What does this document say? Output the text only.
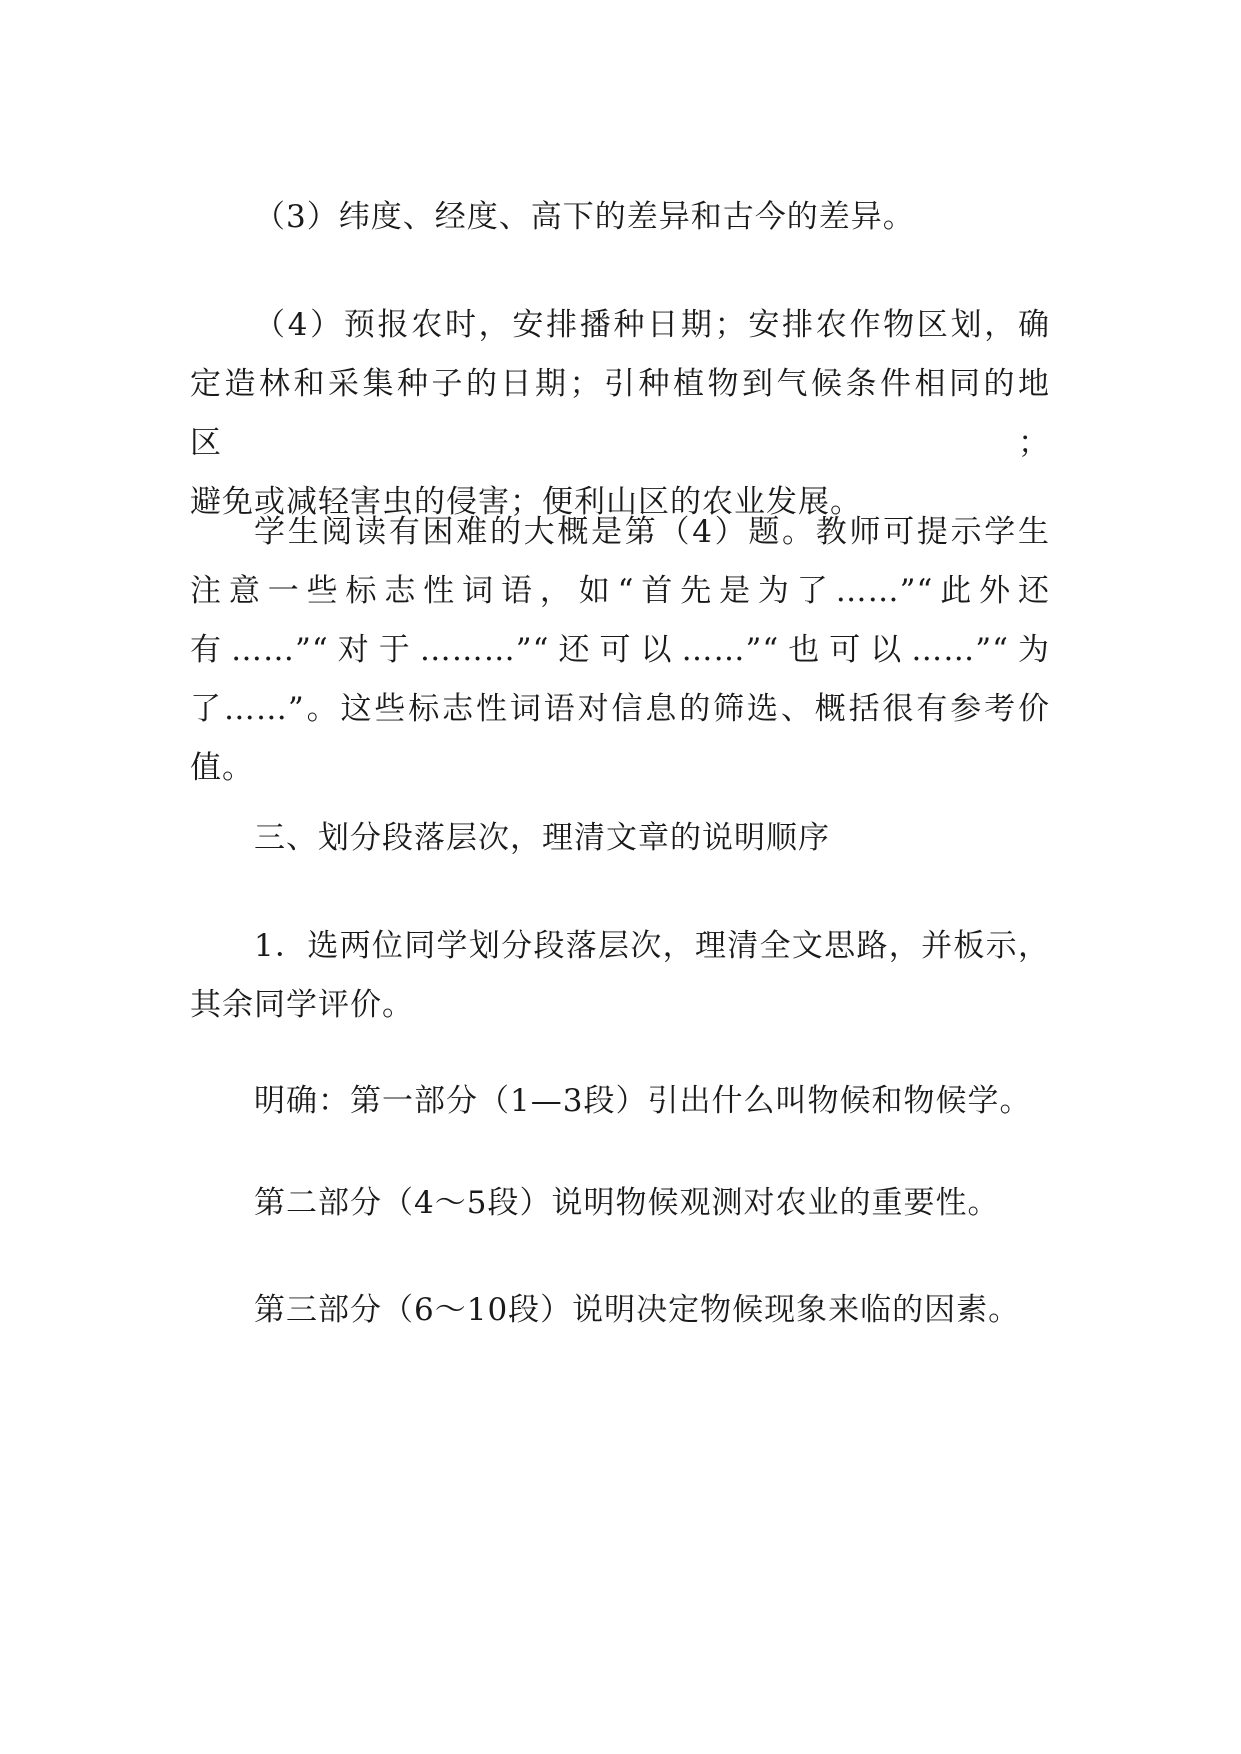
（3）纬度、经度、高下的差异和古今的差异。

（4）预报农时，安排播种日期；安排农作物区划，确
定造林和采集种子的日期；引种植物到气候条件相同的地区；
避免或减轻害虫的侵害；便利山区的农业发展。

学生阅读有困难的大概是第（4）题。教师可提示学生
注意一些标志性词语，如“首先是为了……”“此外还
有……”“对于………”“还可以……”“也可以……”“为
了……”。这些标志性词语对信息的筛选、概括很有参考价
值。

三、划分段落层次，理清文章的说明顺序

1．选两位同学划分段落层次，理清全文思路，并板示，
其余同学评价。

明确：第一部分（1—3段）引出什么叫物候和物候学。

第二部分（4～5段）说明物候观测对农业的重要性。

第三部分（6～10段）说明决定物候现象来临的因素。
